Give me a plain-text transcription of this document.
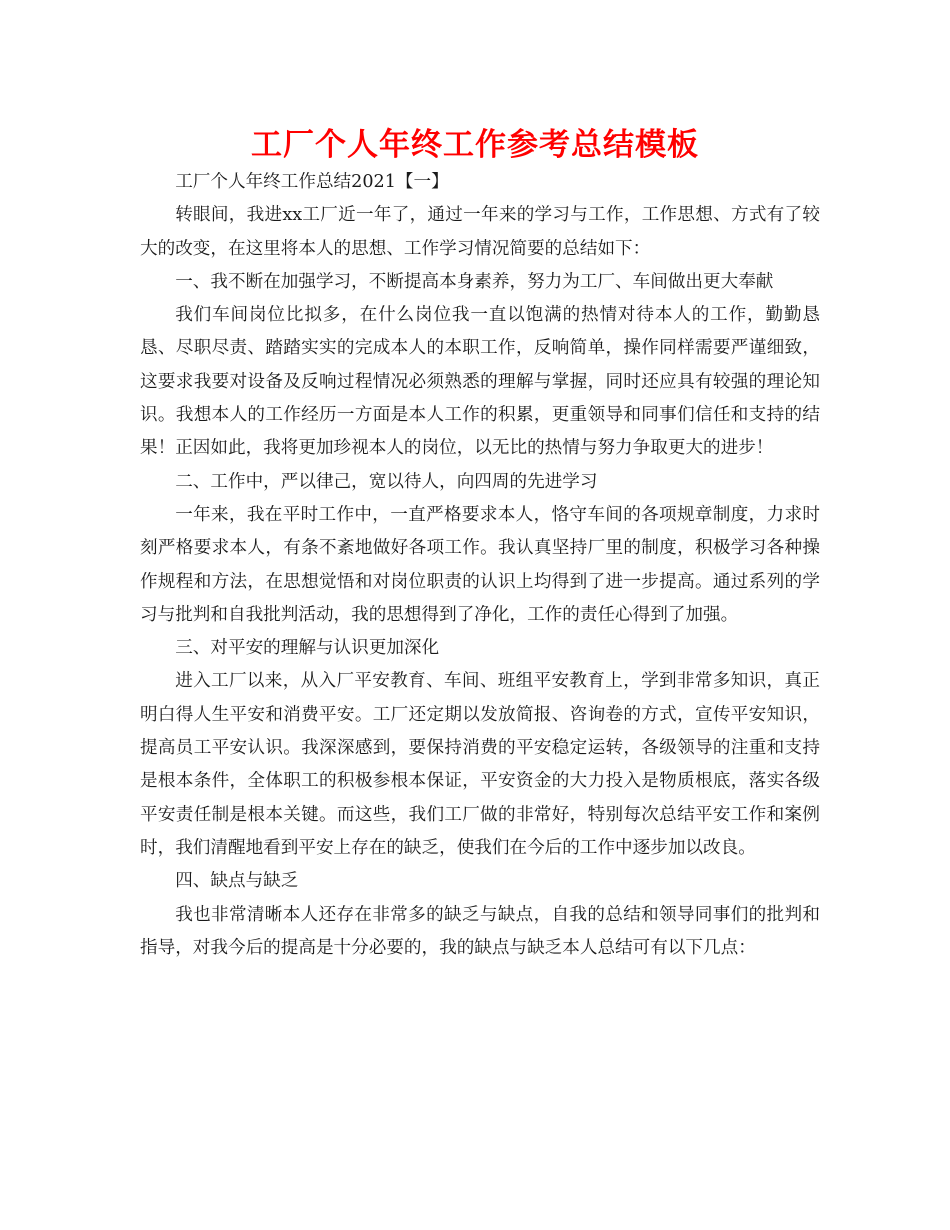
工厂个人年终工作参考总结模板

工厂个人年终工作总结2021【一】

转眼间，我进xx工厂近一年了，通过一年来的学习与工作，工作思想、方式有了较大的改变，在这里将本人的思想、工作学习情况简要的总结如下：

一、我不断在加强学习，不断提高本身素养，努力为工厂、车间做出更大奉献

我们车间岗位比拟多，在什么岗位我一直以饱满的热情对待本人的工作，勤勤恳恳、尽职尽责、踏踏实实的完成本人的本职工作，反响简单，操作同样需要严谨细致，这要求我要对设备及反响过程情况必须熟悉的理解与掌握，同时还应具有较强的理论知识。我想本人的工作经历一方面是本人工作的积累，更重领导和同事们信任和支持的结果！正因如此，我将更加珍视本人的岗位，以无比的热情与努力争取更大的进步！

二、工作中，严以律己，宽以待人，向四周的先进学习

一年来，我在平时工作中，一直严格要求本人，恪守车间的各项规章制度，力求时刻严格要求本人，有条不紊地做好各项工作。我认真坚持厂里的制度，积极学习各种操作规程和方法，在思想觉悟和对岗位职责的认识上均得到了进一步提高。通过系列的学习与批判和自我批判活动，我的思想得到了净化，工作的责任心得到了加强。

三、对平安的理解与认识更加深化

进入工厂以来，从入厂平安教育、车间、班组平安教育上，学到非常多知识，真正明白得人生平安和消费平安。工厂还定期以发放简报、咨询卷的方式，宣传平安知识，提高员工平安认识。我深深感到，要保持消费的平安稳定运转，各级领导的注重和支持是根本条件，全体职工的积极参根本保证，平安资金的大力投入是物质根底，落实各级平安责任制是根本关键。而这些，我们工厂做的非常好，特别每次总结平安工作和案例时，我们清醒地看到平安上存在的缺乏，使我们在今后的工作中逐步加以改良。

四、缺点与缺乏

我也非常清晰本人还存在非常多的缺乏与缺点，自我的总结和领导同事们的批判和指导，对我今后的提高是十分必要的，我的缺点与缺乏本人总结可有以下几点：
